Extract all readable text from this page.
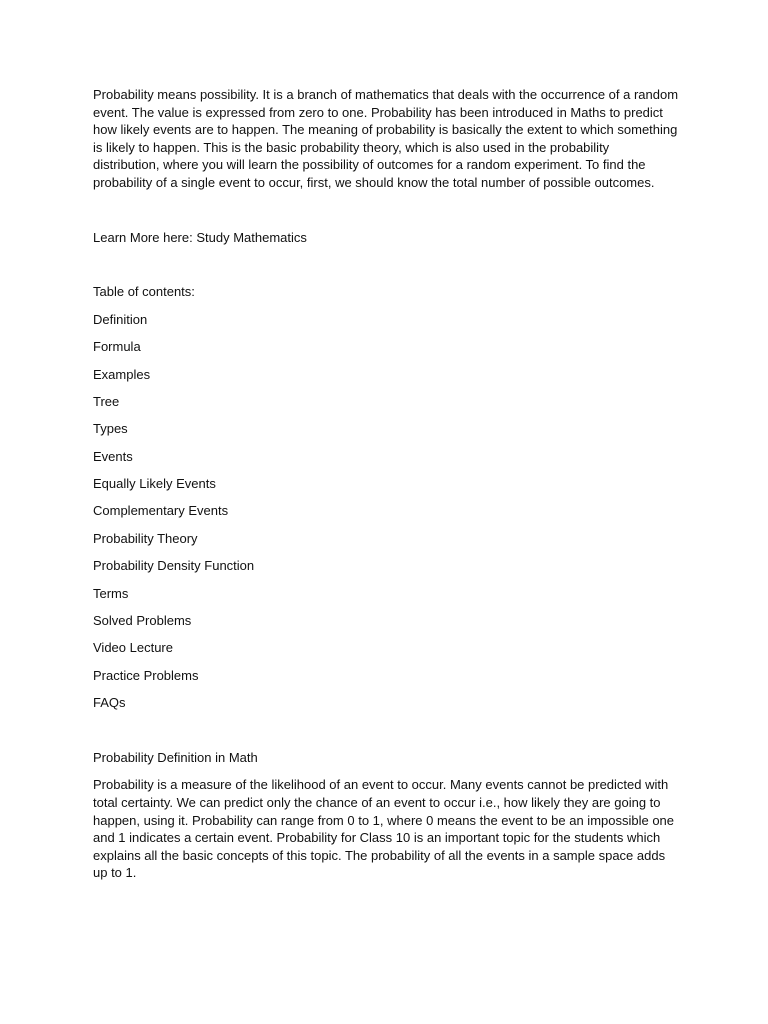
Probability means possibility. It is a branch of mathematics that deals with the occurrence of a random event. The value is expressed from zero to one. Probability has been introduced in Maths to predict how likely events are to happen. The meaning of probability is basically the extent to which something is likely to happen. This is the basic probability theory, which is also used in the probability distribution, where you will learn the possibility of outcomes for a random experiment. To find the probability of a single event to occur, first, we should know the total number of possible outcomes.

Learn More here: Study Mathematics

Table of contents:

Definition
Formula
Examples
Tree
Types
Events
Equally Likely Events
Complementary Events
Probability Theory
Probability Density Function
Terms
Solved Problems
Video Lecture
Practice Problems
FAQs

Probability Definition in Math

Probability is a measure of the likelihood of an event to occur. Many events cannot be predicted with total certainty. We can predict only the chance of an event to occur i.e., how likely they are going to happen, using it. Probability can range from 0 to 1, where 0 means the event to be an impossible one and 1 indicates a certain event. Probability for Class 10 is an important topic for the students which explains all the basic concepts of this topic. The probability of all the events in a sample space adds up to 1.
